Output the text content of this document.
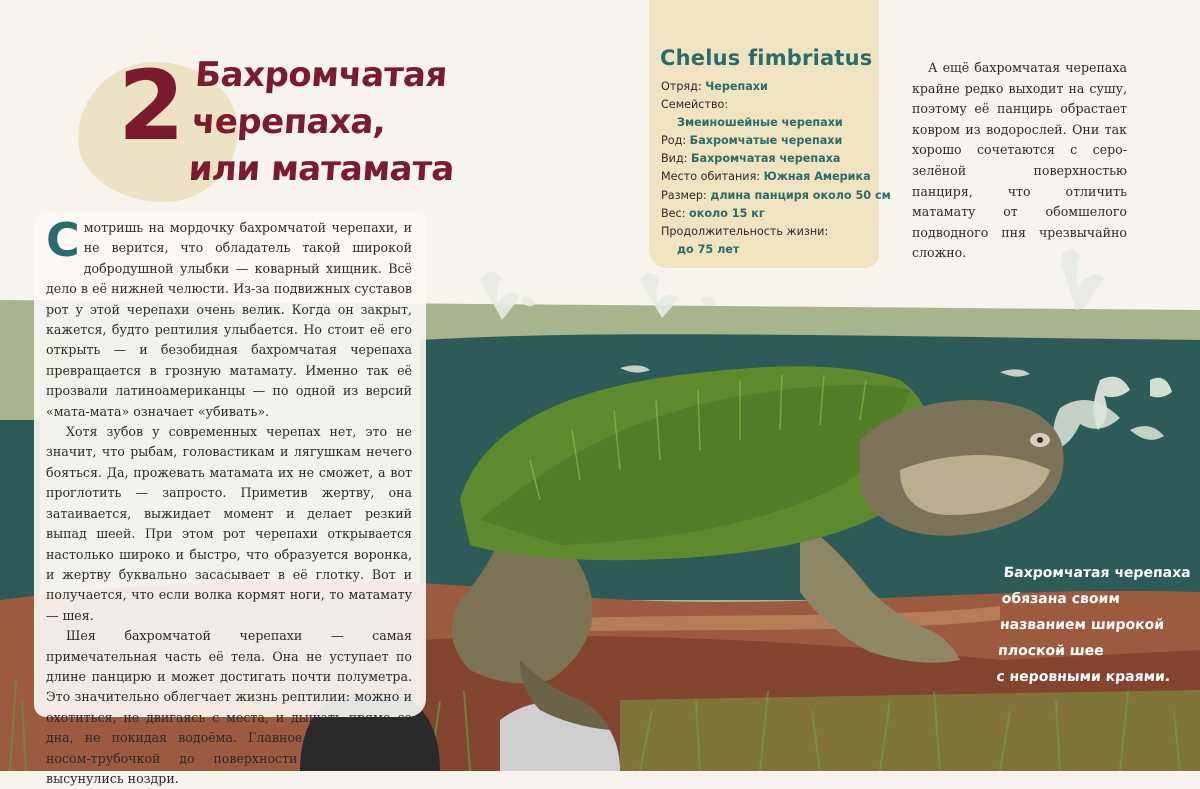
2 Бахромчатая
черепаха,
или матамата

Смотришь на мордочку бахромчатой черепахи, и не верится, что обладатель такой широкой добродушной улыбки — коварный хищник. Всё дело в её нижней челюсти. Из-за подвижных суставов рот у этой черепахи очень велик. Когда он закрыт, кажется, будто рептилия улыбается. Но стоит её его открыть — и безобидная бахромчатая черепаха превращается в грозную матамату. Именно так её прозвали латиноамериканцы — по одной из версий «мата-мата» означает «убивать».

Хотя зубов у современных черепах нет, это не значит, что рыбам, головастикам и лягушкам нечего бояться. Да, прожевать матамата их не сможет, а вот проглотить — запросто. Приметив жертву, она затаивается, выжидает момент и делает резкий выпад шеей. При этом рот черепахи открывается настолько широко и быстро, что образуется воронка, и жертву буквально засасывает в её глотку. Вот и получается, что если волка кормят ноги, то матамату — шея.

Шея бахромчатой черепахи — самая примечательная часть её тела. Она не уступает по длине панцирю и может достигать почти полуметра. Это значительно облегчает жизнь рептилии: можно и охотиться, не двигаясь с места, и дышать прямо со дна, не покидая водоёма. Главное — дотянуться носом-трубочкой до поверхности воды, чтобы высунулись ноздри.

Chelus fimbriatus
Отряд: Черепахи
Семейство:
Змеиношейные черепахи
Род: Бахромчатые черепахи
Вид: Бахромчатая черепаха
Место обитания: Южная Америка
Размер: длина панциря около 50 см
Вес: около 15 кг
Продолжительность жизни:
до 75 лет

А ещё бахромчатая черепаха крайне редко выходит на сушу, поэтому её панцирь обрастает ковром из водорослей. Они так хорошо сочетаются с серо-зелёной поверхностью панциря, что отличить матамату от обомшелого подводного пня чрезвычайно сложно.

Бахромчатая черепаха
обязана своим
названием широкой
плоской шее
с неровными краями.
